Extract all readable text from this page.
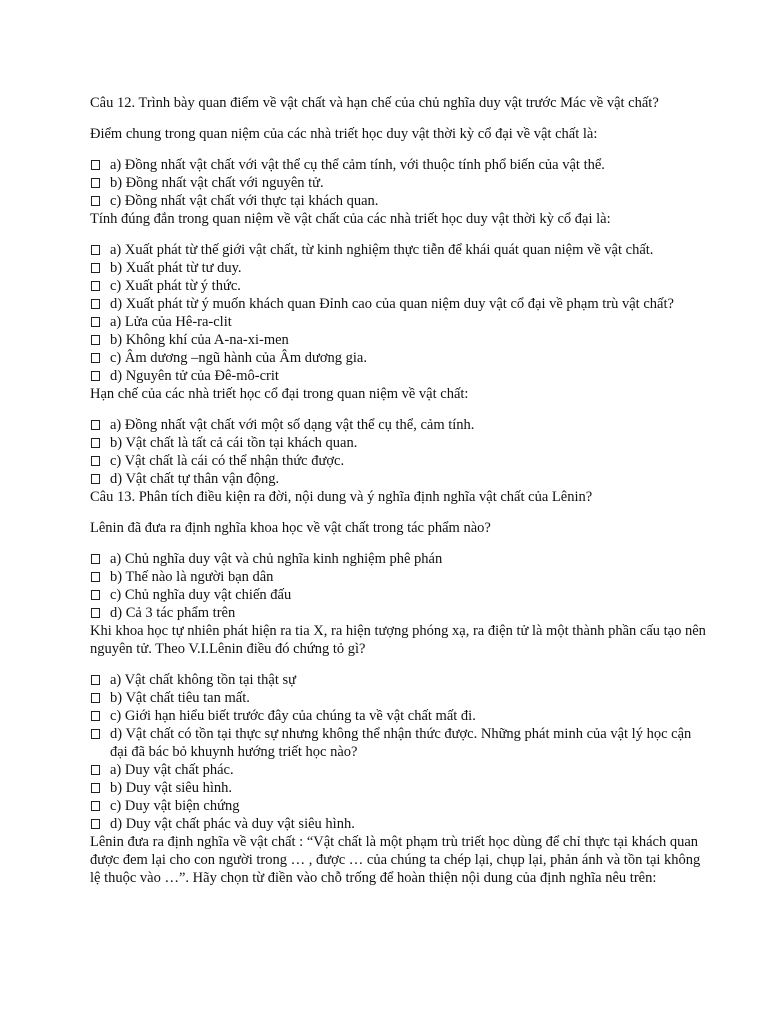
Câu 12. Trình bày quan điểm về vật chất và hạn chế của chủ nghĩa duy vật trước Mác về vật chất?

Điểm chung trong quan niệm của các nhà triết học duy vật thời kỳ cổ đại về vật chất là:

a) Đồng nhất vật chất với vật thể cụ thể cảm tính, với thuộc tính phổ biến của vật thể.
b) Đồng nhất vật chất với nguyên tử.
c) Đồng nhất vật chất với thực tại khách quan.

Tính đúng đắn trong quan niệm về vật chất của các nhà triết học duy vật thời kỳ cổ đại là:

a) Xuất phát từ thế giới vật chất, từ kinh nghiệm thực tiễn để khái quát quan niệm về vật chất.
b) Xuất phát từ tư duy.
c) Xuất phát từ ý thức.
d) Xuất phát từ ý muốn khách quan Đỉnh cao của quan niệm duy vật cổ đại về phạm trù vật chất?
a) Lửa của Hê-ra-clit
b) Không khí của A-na-xi-men
c) Âm dương –ngũ hành của Âm dương gia.
d) Nguyên tử của Đê-mô-crit

Hạn chế của các nhà triết học cổ đại trong quan niệm về vật chất:

a) Đồng nhất vật chất với một số dạng vật thể cụ thể, cảm tính.
b) Vật chất là tất cả cái tồn tại khách quan.
c) Vật chất là cái có thể nhận thức được.
d) Vật chất tự thân vận động.

Câu 13. Phân tích điều kiện ra đời, nội dung và ý nghĩa định nghĩa vật chất của Lênin?

Lênin đã đưa ra định nghĩa khoa học về vật chất trong tác phẩm nào?

a) Chủ nghĩa duy vật và chủ nghĩa kinh nghiệm phê phán
b) Thế nào là người bạn dân
c) Chủ nghĩa duy vật chiến đấu
d) Cả 3 tác phẩm trên

Khi khoa học tự nhiên phát hiện ra tia X, ra hiện tượng phóng xạ, ra điện tử là một thành phần cấu tạo nên nguyên tử. Theo V.I.Lênin điều đó chứng tỏ gì?

a) Vật chất không tồn tại thật sự
b) Vật chất tiêu tan mất.
c) Giới hạn hiểu biết trước đây của chúng ta về vật chất mất đi.
d) Vật chất có tồn tại thực sự nhưng không thể nhận thức được. Những phát minh của vật lý học cận đại đã bác bỏ khuynh hướng triết học nào?
a) Duy vật chất phác.
b) Duy vật siêu hình.
c) Duy vật biện chứng
d) Duy vật chất phác và duy vật siêu hình.

Lênin đưa ra định nghĩa về vật chất : “Vật chất là một phạm trù triết học dùng để chỉ thực tại khách quan được đem lại cho con người trong … , được … của chúng ta chép lại, chụp lại, phản ánh và tồn tại không lệ thuộc vào …”. Hãy chọn từ điền vào chỗ trống để hoàn thiện nội dung của định nghĩa nêu trên:
